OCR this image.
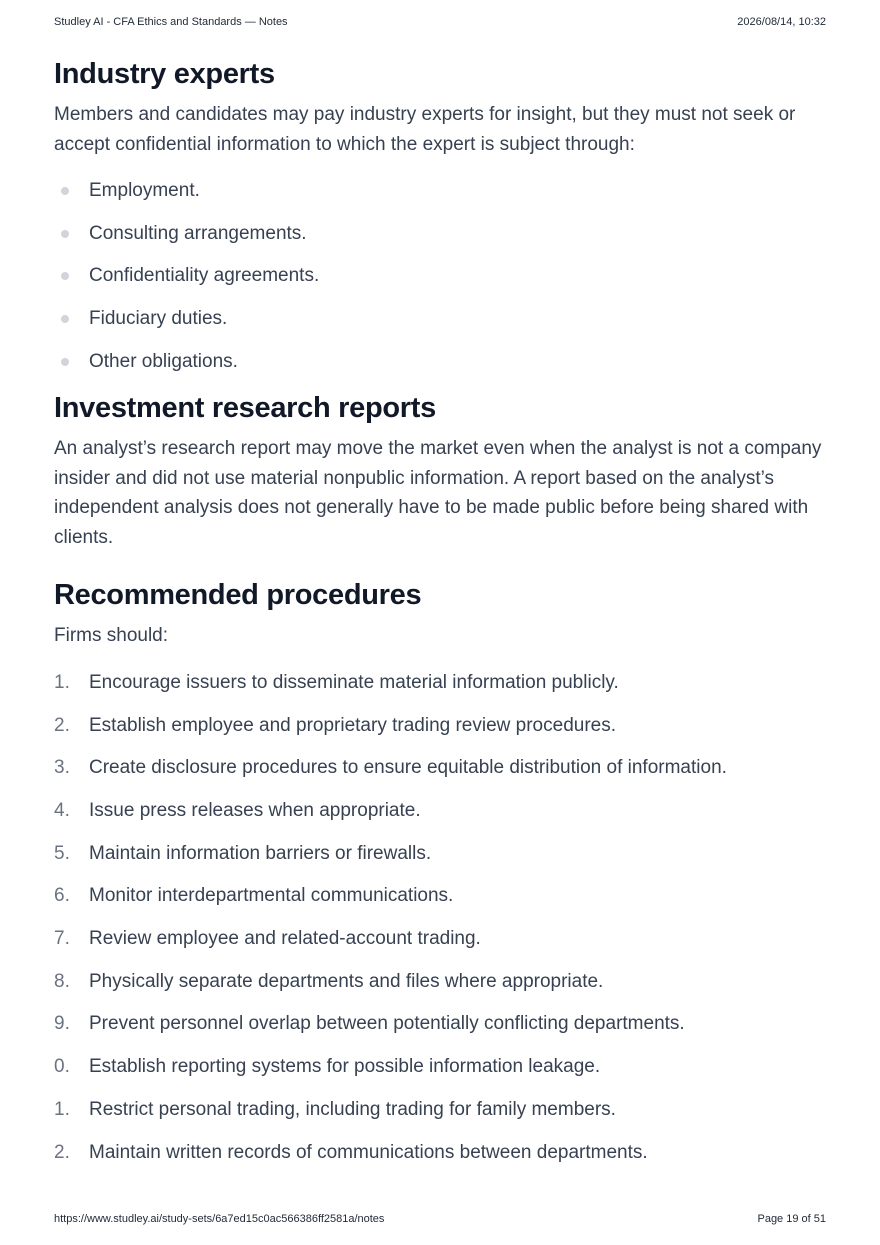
Studley AI - CFA Ethics and Standards — Notes	2026/08/14, 10:32
Industry experts

Members and candidates may pay industry experts for insight, but they must not seek or accept confidential information to which the expert is subject through:

Employment.
Consulting arrangements.
Confidentiality agreements.
Fiduciary duties.
Other obligations.
Investment research reports

An analyst’s research report may move the market even when the analyst is not a company insider and did not use material nonpublic information. A report based on the analyst’s independent analysis does not generally have to be made public before being shared with clients.

Recommended procedures

Firms should:

1. Encourage issuers to disseminate material information publicly.
2. Establish employee and proprietary trading review procedures.
3. Create disclosure procedures to ensure equitable distribution of information.
4. Issue press releases when appropriate.
5. Maintain information barriers or firewalls.
6. Monitor interdepartmental communications.
7. Review employee and related-account trading.
8. Physically separate departments and files where appropriate.
9. Prevent personnel overlap between potentially conflicting departments.
0. Establish reporting systems for possible information leakage.
1. Restrict personal trading, including trading for family members.
2. Maintain written records of communications between departments.
https://www.studley.ai/study-sets/6a7ed15c0ac566386ff2581a/notes	Page 19 of 51
